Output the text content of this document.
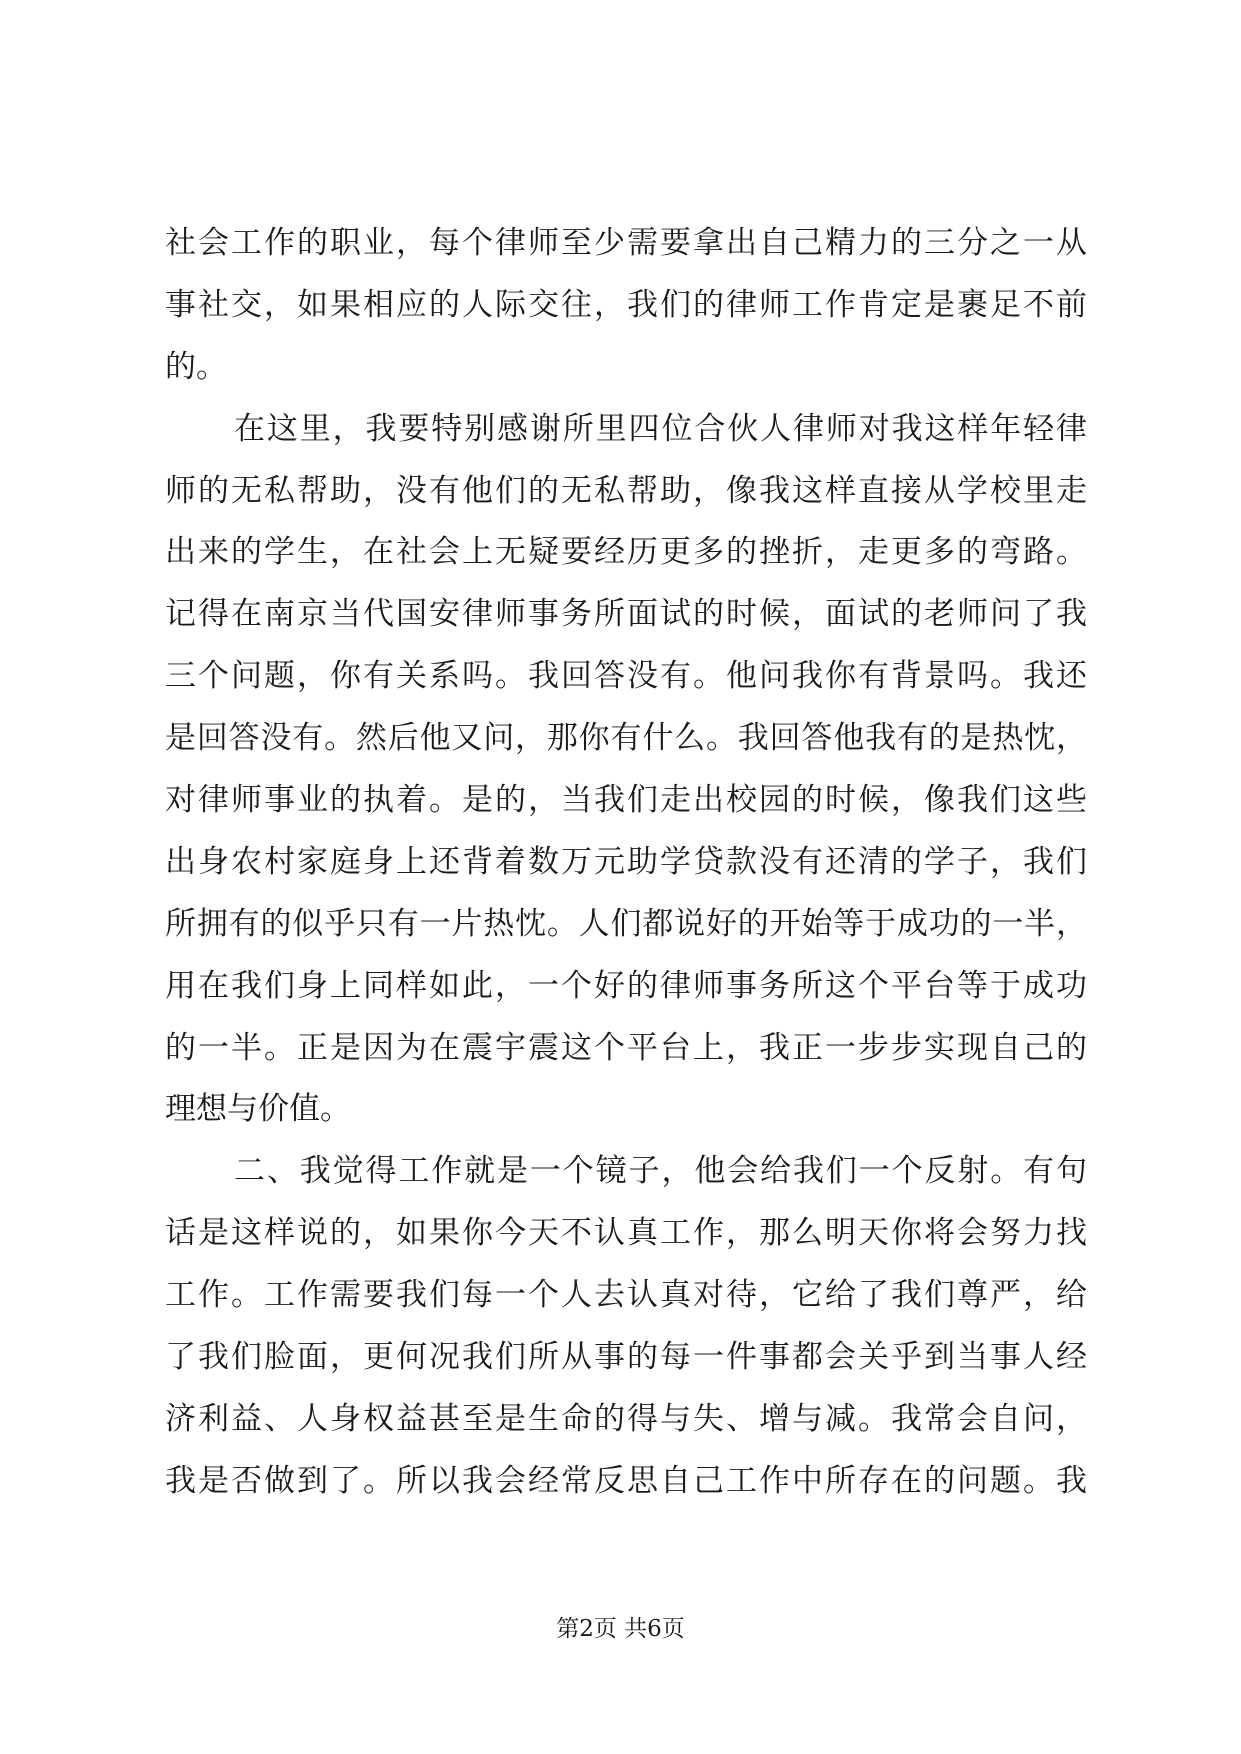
社会工作的职业，每个律师至少需要拿出自己精力的三分之一从
事社交，如果相应的人际交往，我们的律师工作肯定是裹足不前
的。
在这里，我要特别感谢所里四位合伙人律师对我这样年轻律
师的无私帮助，没有他们的无私帮助，像我这样直接从学校里走
出来的学生，在社会上无疑要经历更多的挫折，走更多的弯路。
记得在南京当代国安律师事务所面试的时候，面试的老师问了我
三个问题，你有关系吗。我回答没有。他问我你有背景吗。我还
是回答没有。然后他又问，那你有什么。我回答他我有的是热忱，
对律师事业的执着。是的，当我们走出校园的时候，像我们这些
出身农村家庭身上还背着数万元助学贷款没有还清的学子，我们
所拥有的似乎只有一片热忱。人们都说好的开始等于成功的一半，
用在我们身上同样如此，一个好的律师事务所这个平台等于成功
的一半。正是因为在震宇震这个平台上，我正一步步实现自己的
理想与价值。
二、我觉得工作就是一个镜子，他会给我们一个反射。有句
话是这样说的，如果你今天不认真工作，那么明天你将会努力找
工作。工作需要我们每一个人去认真对待，它给了我们尊严，给
了我们脸面，更何况我们所从事的每一件事都会关乎到当事人经
济利益、人身权益甚至是生命的得与失、增与减。我常会自问，
我是否做到了。所以我会经常反思自己工作中所存在的问题。我
第2页 共6页
